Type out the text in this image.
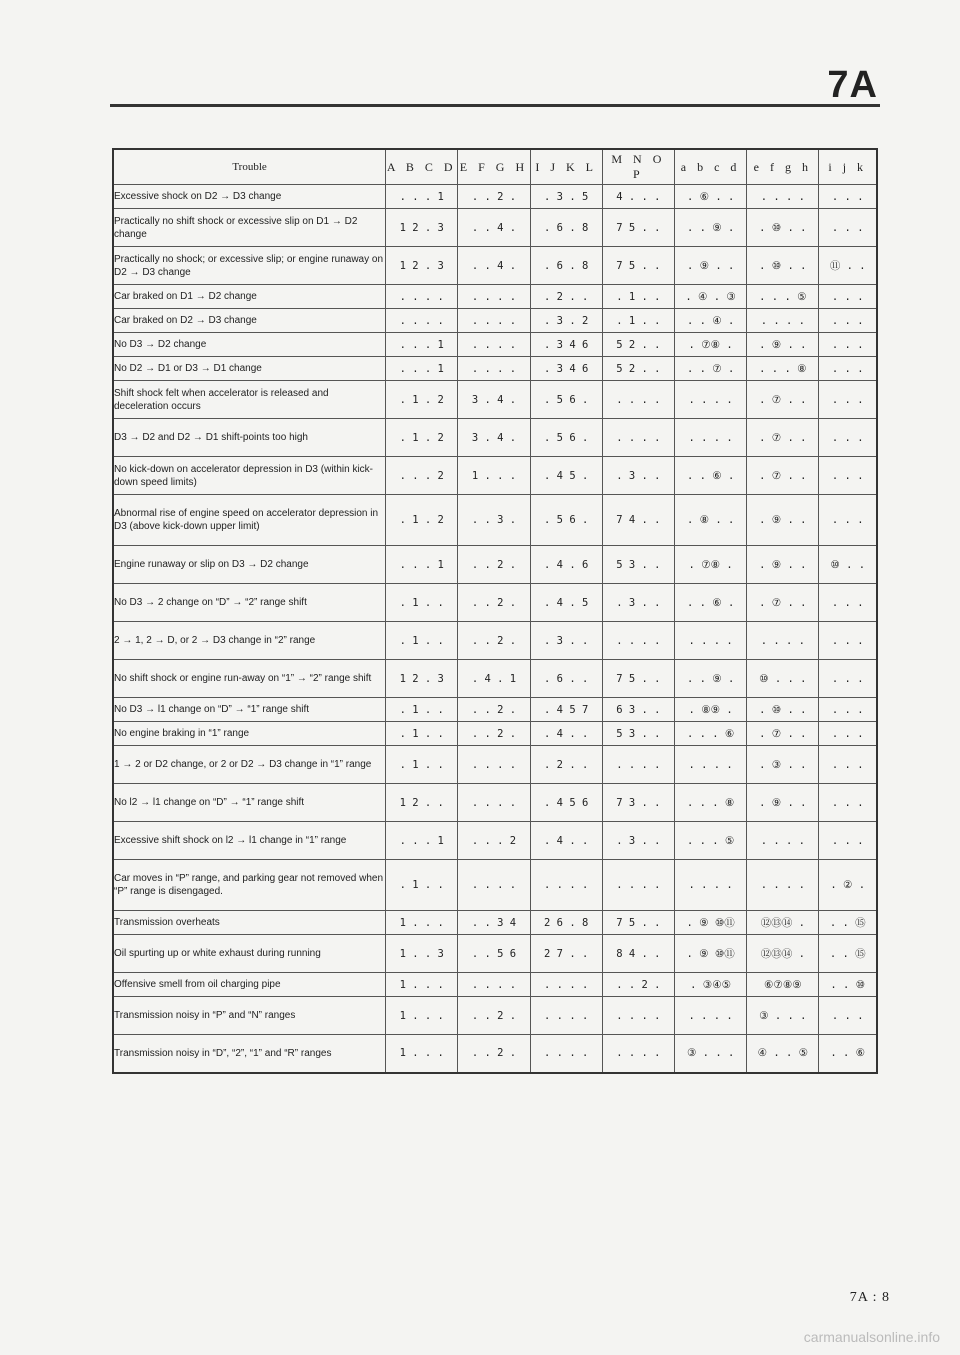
7A
Trouble	A B C D	E F G H	I J K L	M N O P	a b c d	e f g h	i j k
Excessive shock on D2 → D3 change	. . . 1	. . 2 .	. 3 . 5	4 . . .	. ⑥ . .	. . . .	. . .
Practically no shift shock or excessive slip on D1 → D2 change	1 2 . 3	. . 4 .	. 6 . 8	7 5 . .	. . ⑨ .	. ⑩ . .	. . .
Practically no shock; or excessive slip; or engine runaway on D2 → D3 change	1 2 . 3	. . 4 .	. 6 . 8	7 5 . .	. ⑨ . .	. ⑩ . .	⑪ . .
Car braked on D1 → D2 change	. . . .	. . . .	. 2 . .	. 1 . .	. ④ . ③	. . . ⑤	. . .
Car braked on D2 → D3 change	. . . .	. . . .	. 3 . 2	. 1 . .	. . ④ .	. . . .	. . .
No D3 → D2 change	. . . 1	. . . .	. 3 4 6	5 2 . .	. ⑦⑧ .	. ⑨ . .	. . .
No D2 → D1 or D3 → D1 change	. . . 1	. . . .	. 3 4 6	5 2 . .	. . ⑦ .	. . . ⑧	. . .
Shift shock felt when accelerator is released and deceleration occurs	. 1 . 2	3 . 4 .	. 5 6 .	. . . .	. . . .	. ⑦ . .	. . .
D3 → D2 and D2 → D1 shift-points too high	. 1 . 2	3 . 4 .	. 5 6 .	. . . .	. . . .	. ⑦ . .	. . .
No kick-down on accelerator depression in D3 (within kick-down speed limits)	. . . 2	1 . . .	. 4 5 .	. 3 . .	. . ⑥ .	. ⑦ . .	. . .
Abnormal rise of engine speed on accelerator depression in D3 (above kick-down upper limit)	. 1 . 2	. . 3 .	. 5 6 .	7 4 . .	. ⑧ . .	. ⑨ . .	. . .
Engine runaway or slip on D3 → D2 change	. . . 1	. . 2 .	. 4 . 6	5 3 . .	. ⑦⑧ .	. ⑨ . .	⑩ . .
No D3 → 2 change on “D” → “2” range shift	. 1 . .	. . 2 .	. 4 . 5	. 3 . .	. . ⑥ .	. ⑦ . .	. . .
2 → 1, 2 → D, or 2 → D3 change in “2” range	. 1 . .	. . 2 .	. 3 . .	. . . .	. . . .	. . . .	. . .
No shift shock or engine run-away on “1” → “2” range shift	1 2 . 3	. 4 . 1	. 6 . .	7 5 . .	. . ⑨ .	⑩ . . .	. . .
No D3 → l1 change on “D” → “1” range shift	. 1 . .	. . 2 .	. 4 5 7	6 3 . .	. ⑧⑨ .	. ⑩ . .	. . .
No engine braking in “1” range	. 1 . .	. . 2 .	. 4 . .	5 3 . .	. . . ⑥	. ⑦ . .	. . .
1 → 2 or D2 change, or 2 or D2 → D3 change in “1” range	. 1 . .	. . . .	. 2 . .	. . . .	. . . .	. ③ . .	. . .
No l2 → l1 change on “D” → “1” range shift	1 2 . .	. . . .	. 4 5 6	7 3 . .	. . . ⑧	. ⑨ . .	. . .
Excessive shift shock on l2 → l1 change in “1” range	. . . 1	. . . 2	. 4 . .	. 3 . .	. . . ⑤	. . . .	. . .
Car moves in “P” range, and parking gear not removed when “P” range is disengaged.	. 1 . .	. . . .	. . . .	. . . .	. . . .	. . . .	. ② .
Transmission overheats	1 . . .	. . 3 4	2 6 . 8	7 5 . .	. ⑨ ⑩⑪	⑫⑬⑭ .	. . ⑮
Oil spurting up or white exhaust during running	1 . . 3	. . 5 6	2 7 . .	8 4 . .	. ⑨ ⑩⑪	⑫⑬⑭ .	. . ⑮
Offensive smell from oil charging pipe	1 . . .	. . . .	. . . .	. . 2 .	. ③④⑤	⑥⑦⑧⑨	. . ⑩
Transmission noisy in “P” and “N” ranges	1 . . .	. . 2 .	. . . .	. . . .	. . . .	③ . . .	. . .
Transmission noisy in “D”, “2”, “1” and “R” ranges	1 . . .	. . 2 .	. . . .	. . . .	③ . . .	④ . . ⑤	. . ⑥
7A : 8
carmanualsonline.info
